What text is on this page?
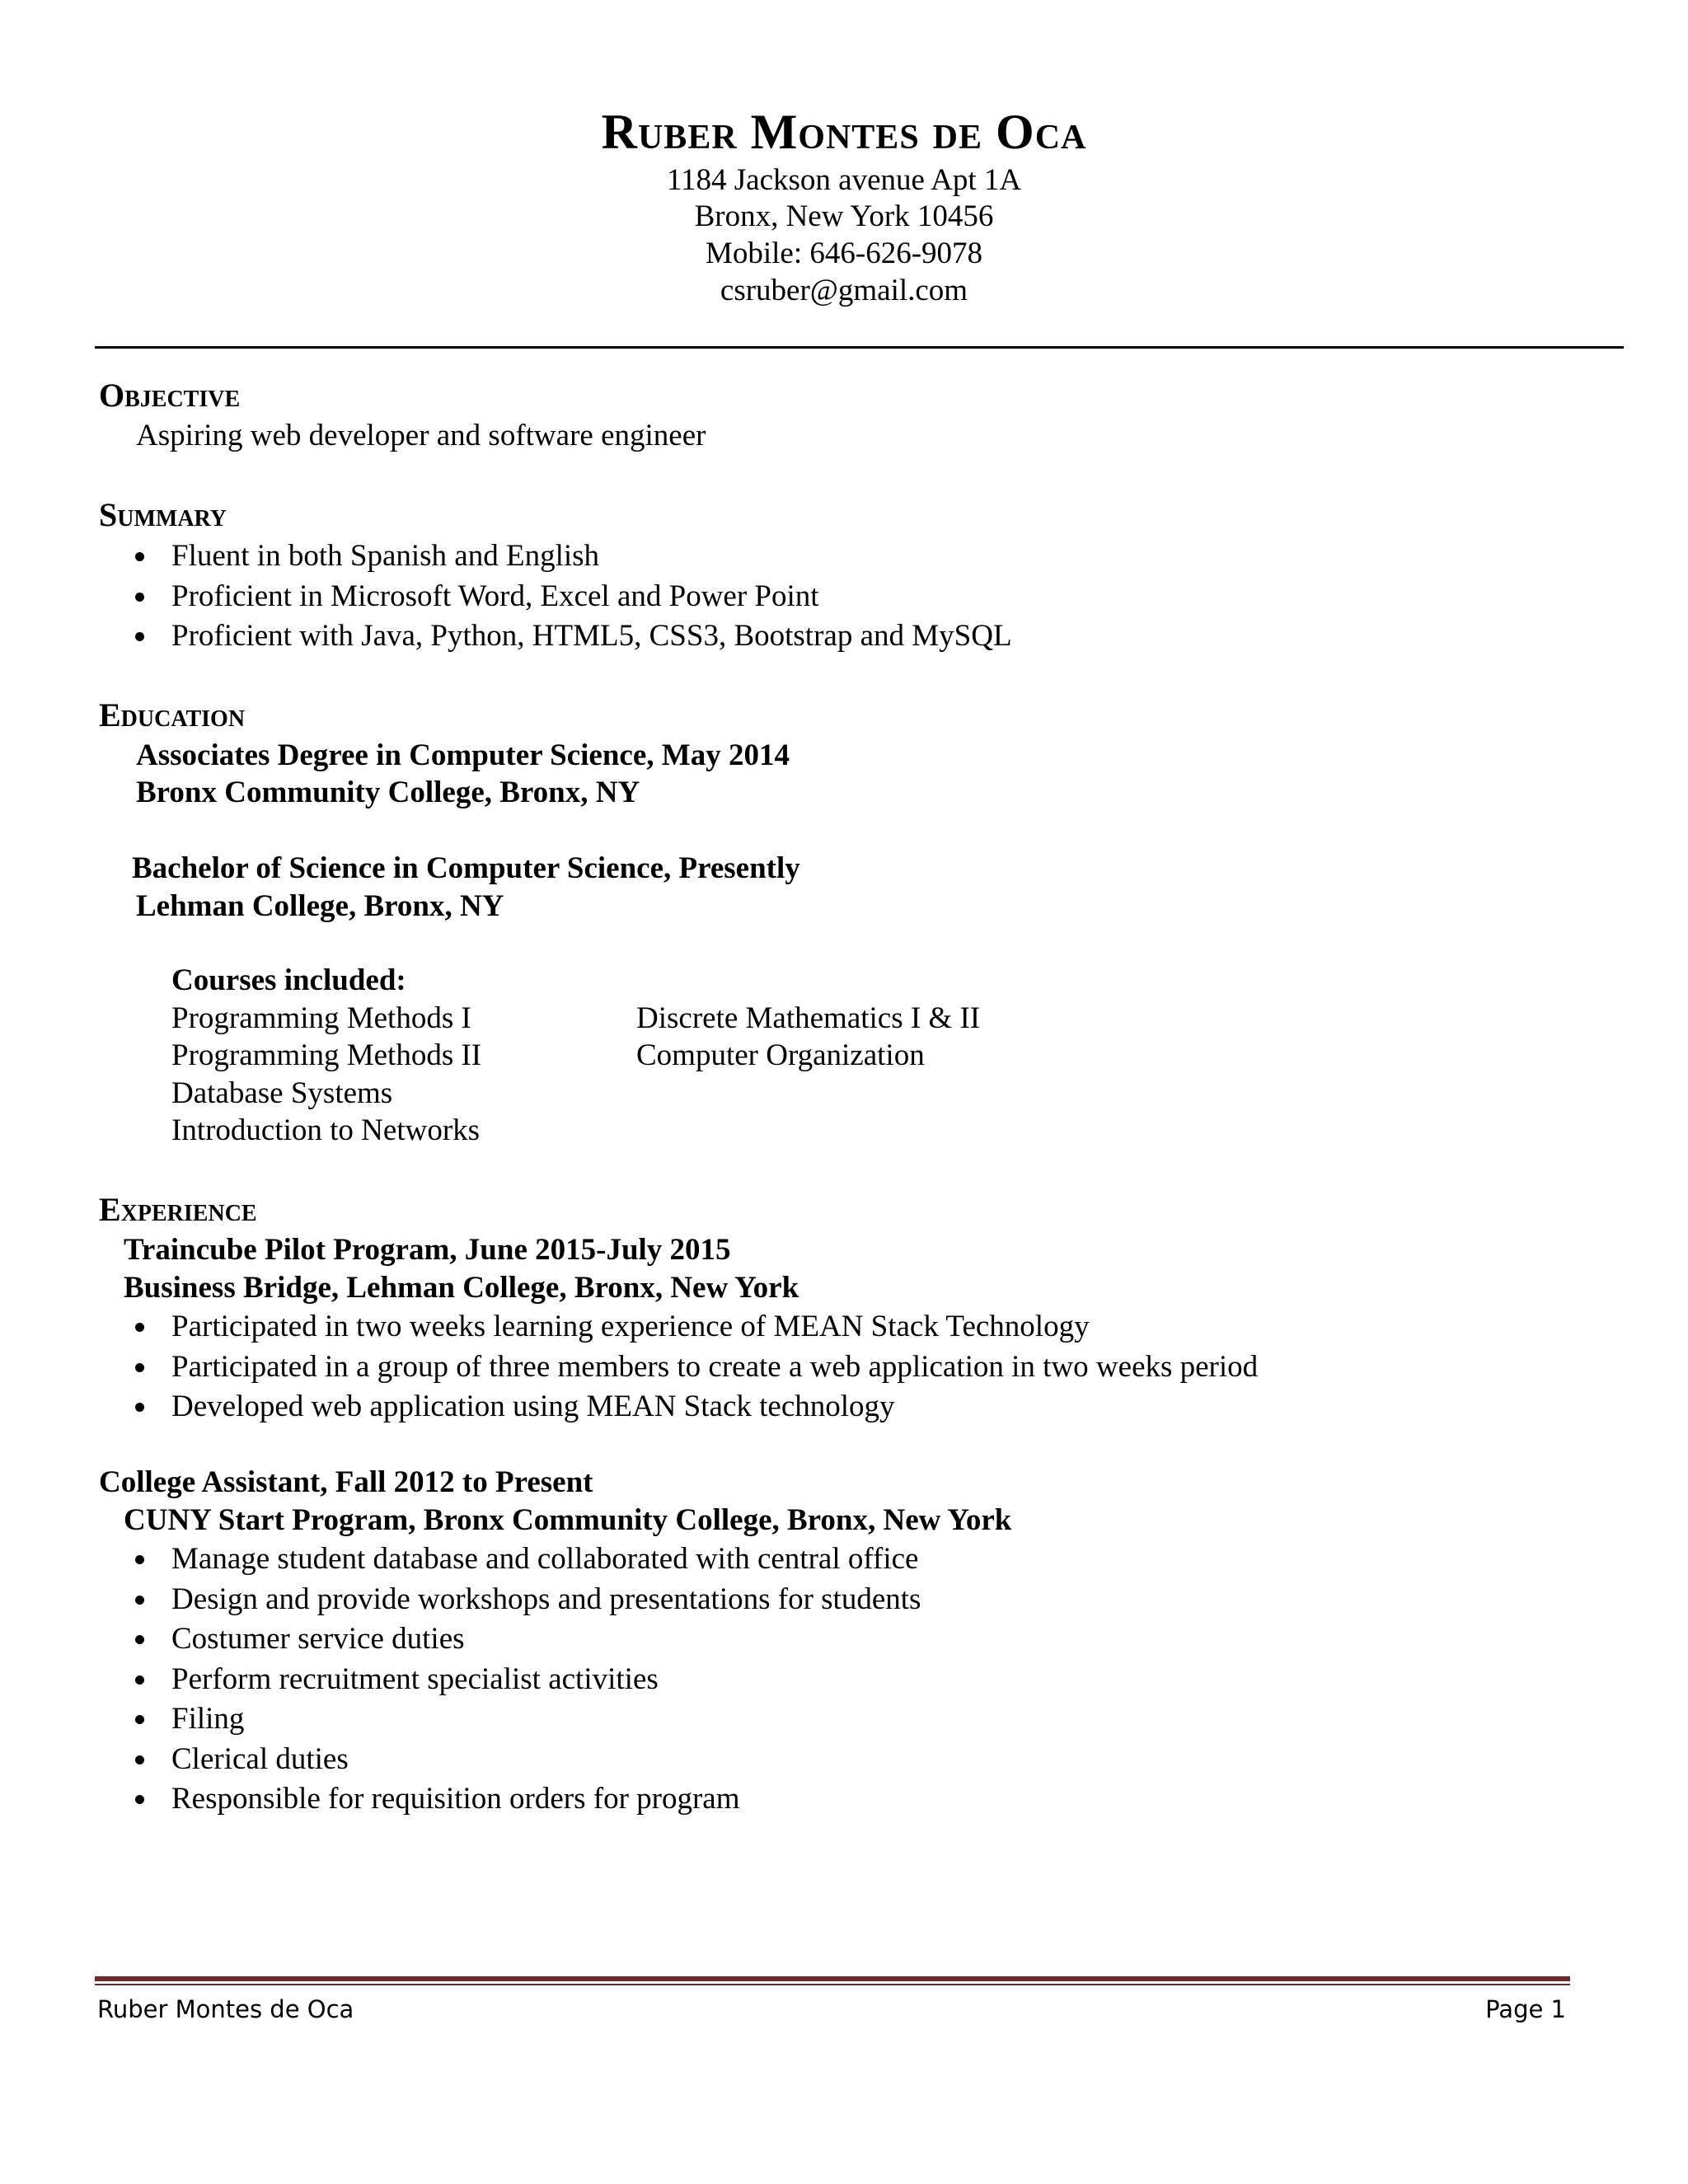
Ruber Montes de Oca
1184 Jackson avenue Apt 1A
Bronx, New York 10456
Mobile: 646-626-9078
csruber@gmail.com
Objective
Aspiring web developer and software engineer
Summary
Fluent in both Spanish and English
Proficient in Microsoft Word, Excel and Power Point
Proficient with Java, Python, HTML5, CSS3, Bootstrap and MySQL
Education
Associates Degree in Computer Science, May 2014
Bronx Community College, Bronx, NY
Bachelor of Science in Computer Science, Presently
Lehman College, Bronx, NY
Courses included:
Programming Methods I
Programming Methods II
Database Systems
Introduction to Networks
Discrete Mathematics I & II
Computer Organization
Experience
Traincube Pilot Program, June 2015-July 2015
Business Bridge, Lehman College, Bronx, New York
Participated in two weeks learning experience of MEAN Stack Technology
Participated in a group of three members to create a web application in two weeks period
Developed web application using MEAN Stack technology
College Assistant, Fall 2012 to Present
CUNY Start Program, Bronx Community College, Bronx, New York
Manage student database and collaborated with central office
Design and provide workshops and presentations for students
Costumer service duties
Perform recruitment specialist activities
Filing
Clerical duties
Responsible for requisition orders for program
Ruber Montes de Oca	Page 1
